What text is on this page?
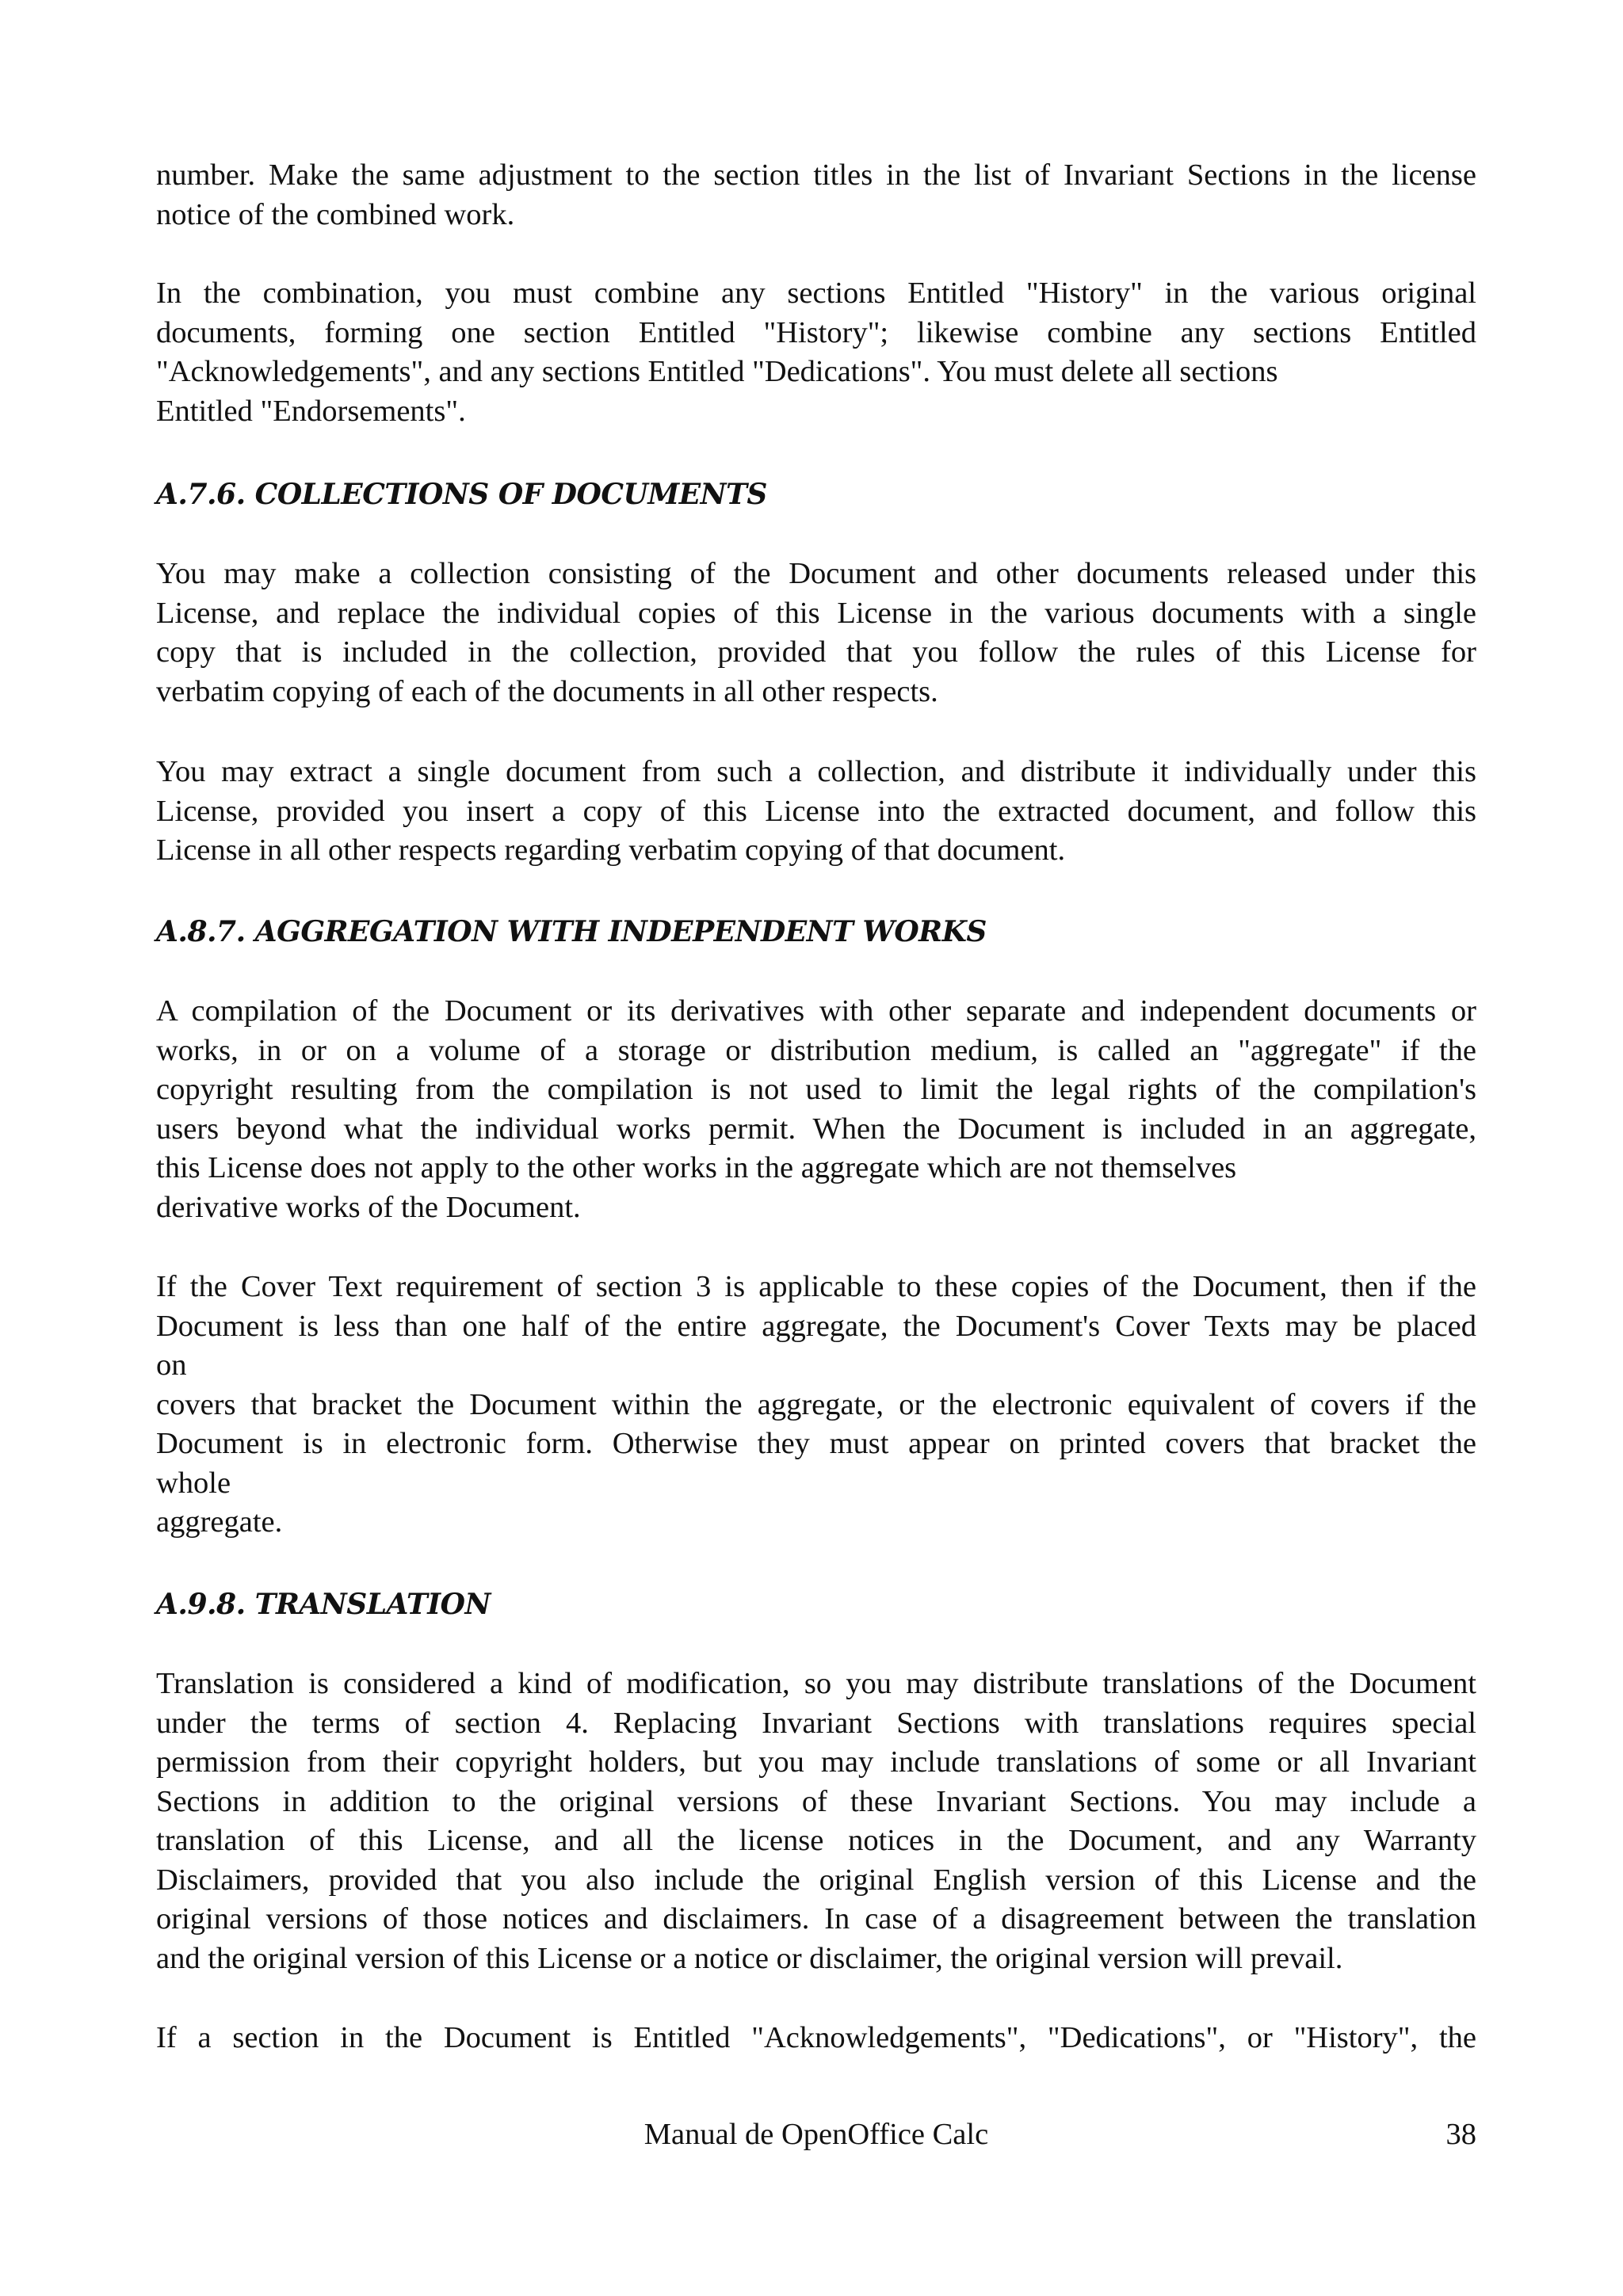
number. Make the same adjustment to the section titles in the list of Invariant Sections in the license
notice of the combined work.
In the combination, you must combine any sections Entitled "History" in the various original
documents, forming one section Entitled "History"; likewise combine any sections Entitled
"Acknowledgements", and any sections Entitled "Dedications". You must delete all sections
Entitled "Endorsements".
A.7.6. COLLECTIONS OF DOCUMENTS
You may make a collection consisting of the Document and other documents released under this
License, and replace the individual copies of this License in the various documents with a single
copy that is included in the collection, provided that you follow the rules of this License for
verbatim copying of each of the documents in all other respects.
You may extract a single document from such a collection, and distribute it individually under this
License, provided you insert a copy of this License into the extracted document, and follow this
License in all other respects regarding verbatim copying of that document.
A.8.7. AGGREGATION WITH INDEPENDENT WORKS
A compilation of the Document or its derivatives with other separate and independent documents or
works, in or on a volume of a storage or distribution medium, is called an "aggregate" if the
copyright resulting from the compilation is not used to limit the legal rights of the compilation's
users beyond what the individual works permit. When the Document is included in an aggregate,
this License does not apply to the other works in the aggregate which are not themselves
derivative works of the Document.
If the Cover Text requirement of section 3 is applicable to these copies of the Document, then if the
Document is less than one half of the entire aggregate, the Document's Cover Texts may be placed
on
covers that bracket the Document within the aggregate, or the electronic equivalent of covers if the
Document is in electronic form. Otherwise they must appear on printed covers that bracket the
whole
aggregate.
A.9.8. TRANSLATION
Translation is considered a kind of modification, so you may distribute translations of the Document
under the terms of section 4. Replacing Invariant Sections with translations requires special
permission from their copyright holders, but you may include translations of some or all Invariant
Sections in addition to the original versions of these Invariant Sections. You may include a
translation of this License, and all the license notices in the Document, and any Warranty
Disclaimers, provided that you also include the original English version of this License and the
original versions of those notices and disclaimers. In case of a disagreement between the translation
and the original version of this License or a notice or disclaimer, the original version will prevail.
If a section in the Document is Entitled "Acknowledgements", "Dedications", or "History", the
Manual de OpenOffice Calc	38
